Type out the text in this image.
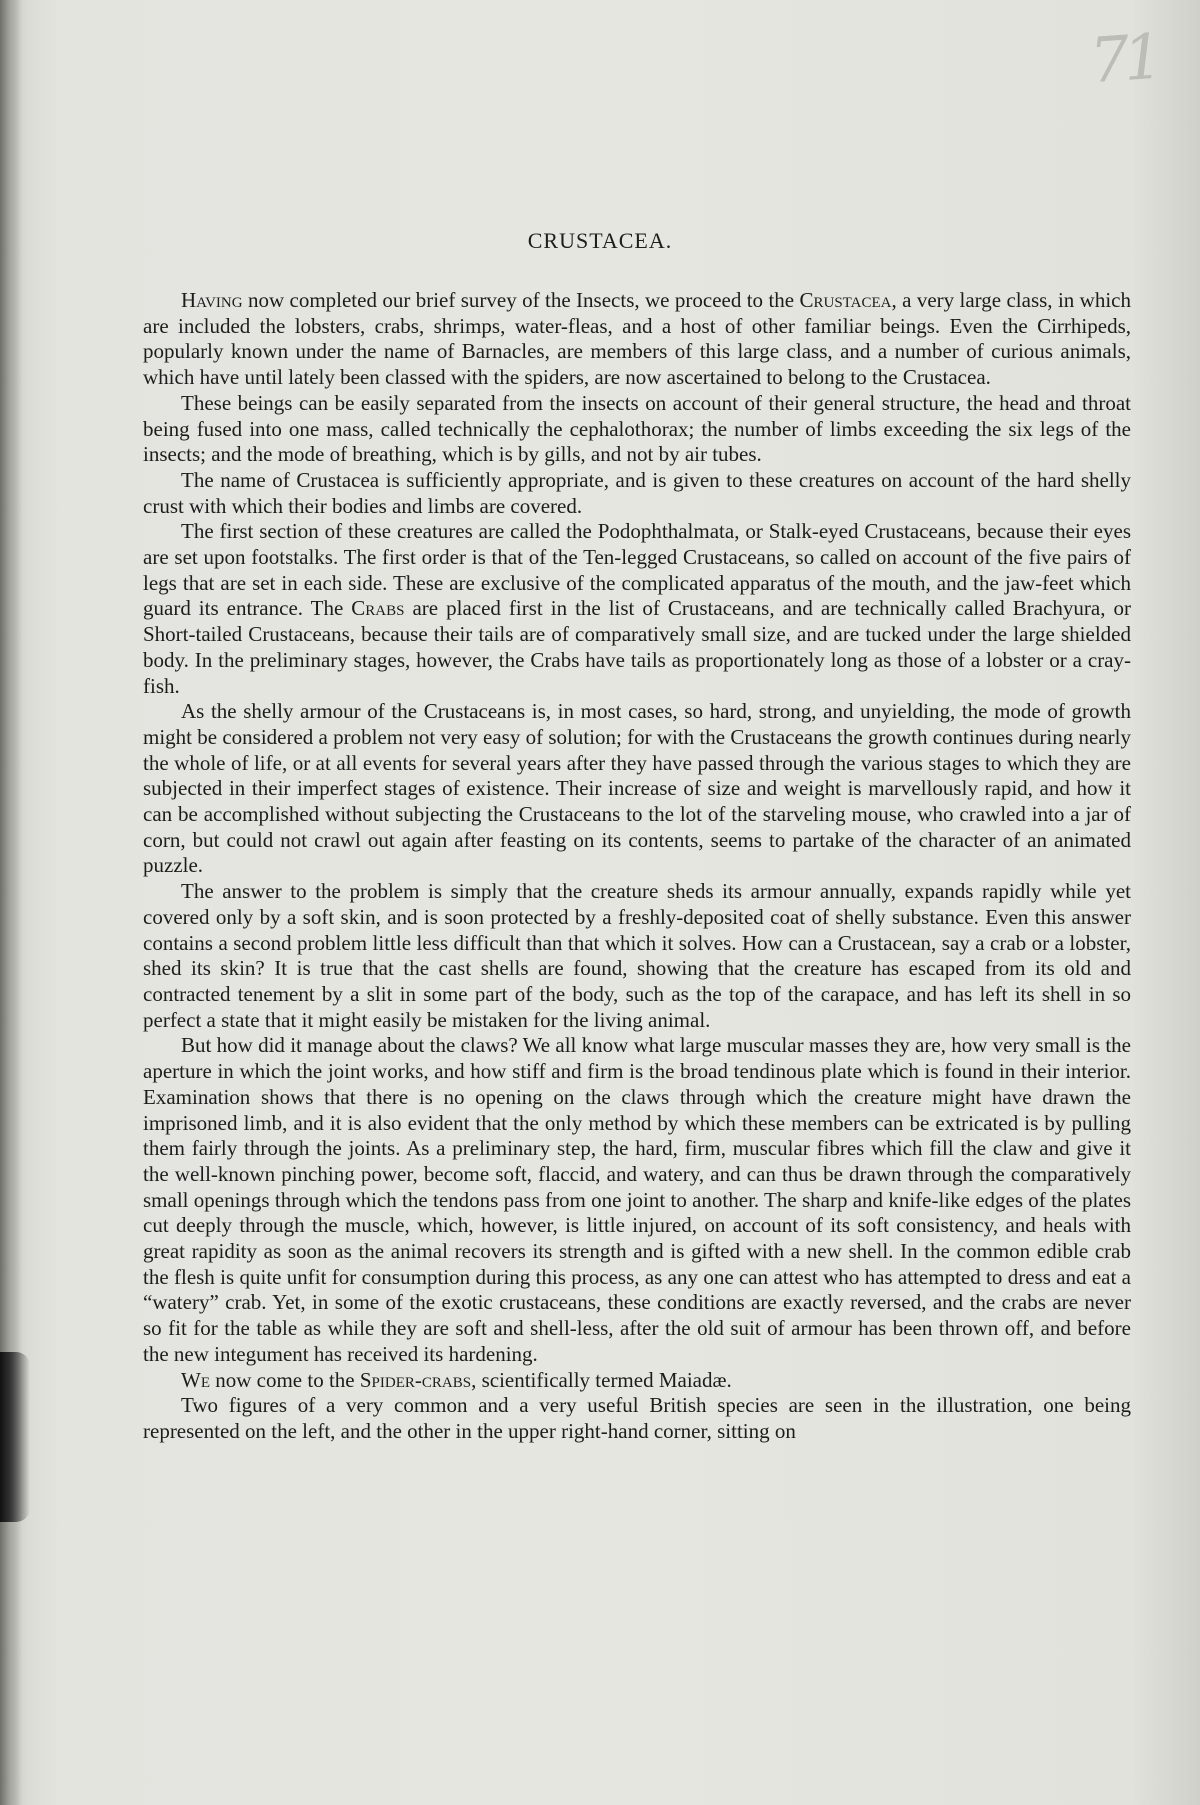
71
CRUSTACEA.

Having now completed our brief survey of the Insects, we proceed to the Crustacea, a very large class, in which are included the lobsters, crabs, shrimps, water-fleas, and a host of other familiar beings. Even the Cirrhipeds, popularly known under the name of Barnacles, are members of this large class, and a number of curious animals, which have until lately been classed with the spiders, are now ascertained to belong to the Crustacea.

These beings can be easily separated from the insects on account of their general structure, the head and throat being fused into one mass, called technically the cephalothorax; the number of limbs exceeding the six legs of the insects; and the mode of breathing, which is by gills, and not by air tubes.

The name of Crustacea is sufficiently appropriate, and is given to these creatures on account of the hard shelly crust with which their bodies and limbs are covered.

The first section of these creatures are called the Podophthalmata, or Stalk-eyed Crustaceans, because their eyes are set upon footstalks. The first order is that of the Ten-legged Crustaceans, so called on account of the five pairs of legs that are set in each side. These are exclusive of the complicated apparatus of the mouth, and the jaw-feet which guard its entrance. The Crabs are placed first in the list of Crustaceans, and are technically called Brachyura, or Short-tailed Crustaceans, because their tails are of comparatively small size, and are tucked under the large shielded body. In the preliminary stages, however, the Crabs have tails as proportionately long as those of a lobster or a cray-fish.

As the shelly armour of the Crustaceans is, in most cases, so hard, strong, and unyielding, the mode of growth might be considered a problem not very easy of solution; for with the Crustaceans the growth continues during nearly the whole of life, or at all events for several years after they have passed through the various stages to which they are subjected in their imperfect stages of existence. Their increase of size and weight is marvellously rapid, and how it can be accomplished without subjecting the Crustaceans to the lot of the starveling mouse, who crawled into a jar of corn, but could not crawl out again after feasting on its contents, seems to partake of the character of an animated puzzle.

The answer to the problem is simply that the creature sheds its armour annually, expands rapidly while yet covered only by a soft skin, and is soon protected by a freshly-deposited coat of shelly substance. Even this answer contains a second problem little less difficult than that which it solves. How can a Crustacean, say a crab or a lobster, shed its skin? It is true that the cast shells are found, showing that the creature has escaped from its old and contracted tenement by a slit in some part of the body, such as the top of the carapace, and has left its shell in so perfect a state that it might easily be mistaken for the living animal.

But how did it manage about the claws? We all know what large muscular masses they are, how very small is the aperture in which the joint works, and how stiff and firm is the broad tendinous plate which is found in their interior. Examination shows that there is no opening on the claws through which the creature might have drawn the imprisoned limb, and it is also evident that the only method by which these members can be extricated is by pulling them fairly through the joints. As a preliminary step, the hard, firm, muscular fibres which fill the claw and give it the well-known pinching power, become soft, flaccid, and watery, and can thus be drawn through the comparatively small openings through which the tendons pass from one joint to another. The sharp and knife-like edges of the plates cut deeply through the muscle, which, however, is little injured, on account of its soft consistency, and heals with great rapidity as soon as the animal recovers its strength and is gifted with a new shell. In the common edible crab the flesh is quite unfit for consumption during this process, as any one can attest who has attempted to dress and eat a “watery” crab. Yet, in some of the exotic crustaceans, these conditions are exactly reversed, and the crabs are never so fit for the table as while they are soft and shell-less, after the old suit of armour has been thrown off, and before the new integument has received its hardening.

We now come to the Spider-crabs, scientifically termed Maiadæ.

Two figures of a very common and a very useful British species are seen in the illustration, one being represented on the left, and the other in the upper right-hand corner, sitting on
